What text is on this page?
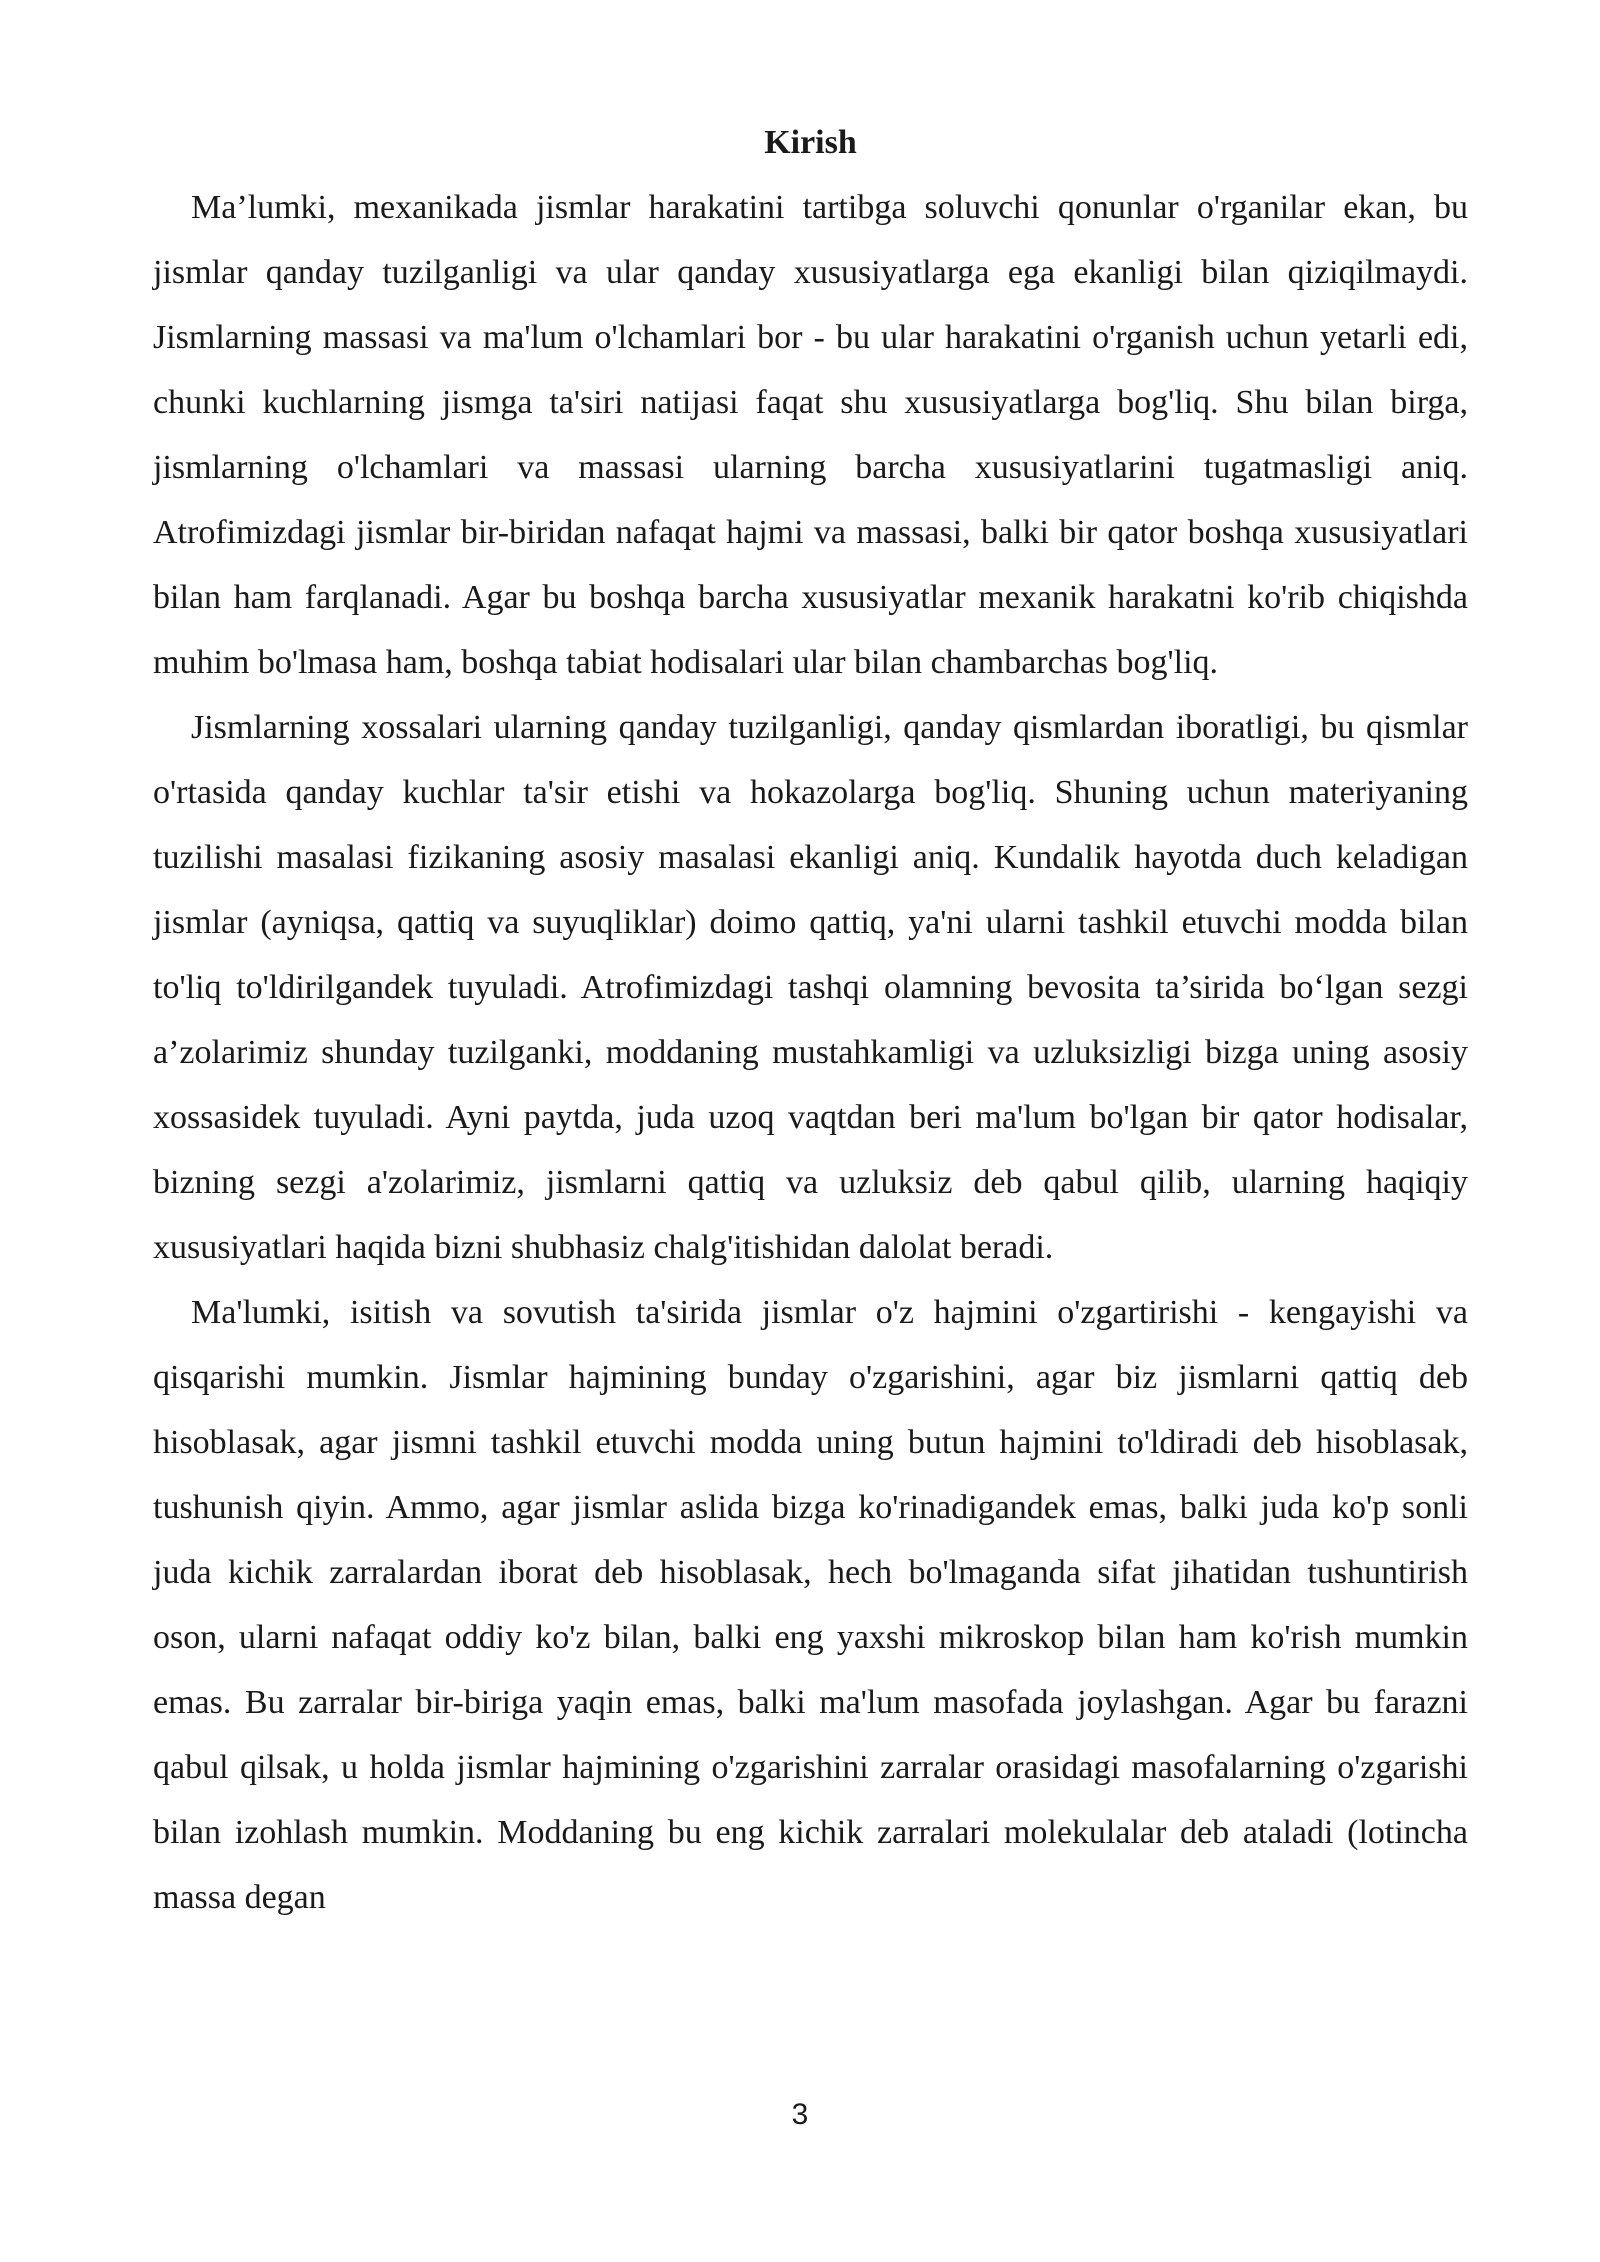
Kirish

Ma’lumki, mexanikada jismlar harakatini tartibga soluvchi qonunlar o'rganilar ekan, bu jismlar qanday tuzilganligi va ular qanday xususiyatlarga ega ekanligi bilan qiziqilmaydi. Jismlarning massasi va ma'lum o'lchamlari bor - bu ular harakatini o'rganish uchun yetarli edi, chunki kuchlarning jismga ta'siri natijasi faqat shu xususiyatlarga bog'liq. Shu bilan birga, jismlarning o'lchamlari va massasi ularning barcha xususiyatlarini tugatmasligi aniq. Atrofimizdagi jismlar bir-biridan nafaqat hajmi va massasi, balki bir qator boshqa xususiyatlari bilan ham farqlanadi. Agar bu boshqa barcha xususiyatlar mexanik harakatni ko'rib chiqishda muhim bo'lmasa ham, boshqa tabiat hodisalari ular bilan chambarchas bog'liq.

Jismlarning xossalari ularning qanday tuzilganligi, qanday qismlardan iboratligi, bu qismlar o'rtasida qanday kuchlar ta'sir etishi va hokazolarga bog'liq. Shuning uchun materiyaning tuzilishi masalasi fizikaning asosiy masalasi ekanligi aniq. Kundalik hayotda duch keladigan jismlar (ayniqsa, qattiq va suyuqliklar) doimo qattiq, ya'ni ularni tashkil etuvchi modda bilan to'liq to'ldirilgandek tuyuladi. Atrofimizdagi tashqi olamning bevosita ta’sirida boʻlgan sezgi a’zolarimiz shunday tuzilganki, moddaning mustahkamligi va uzluksizligi bizga uning asosiy xossasidek tuyuladi. Ayni paytda, juda uzoq vaqtdan beri ma'lum bo'lgan bir qator hodisalar, bizning sezgi a'zolarimiz, jismlarni qattiq va uzluksiz deb qabul qilib, ularning haqiqiy xususiyatlari haqida bizni shubhasiz chalg'itishidan dalolat beradi.

Ma'lumki, isitish va sovutish ta'sirida jismlar o'z hajmini o'zgartirishi - kengayishi va qisqarishi mumkin. Jismlar hajmining bunday o'zgarishini, agar biz jismlarni qattiq deb hisoblasak, agar jismni tashkil etuvchi modda uning butun hajmini to'ldiradi deb hisoblasak, tushunish qiyin. Ammo, agar jismlar aslida bizga ko'rinadigandek emas, balki juda ko'p sonli juda kichik zarralardan iborat deb hisoblasak, hech bo'lmaganda sifat jihatidan tushuntirish oson, ularni nafaqat oddiy ko'z bilan, balki eng yaxshi mikroskop bilan ham ko'rish mumkin emas. Bu zarralar bir-biriga yaqin emas, balki ma'lum masofada joylashgan. Agar bu farazni qabul qilsak, u holda jismlar hajmining o'zgarishini zarralar orasidagi masofalarning o'zgarishi bilan izohlash mumkin. Moddaning bu eng kichik zarralari molekulalar deb ataladi (lotincha massa degan

3
